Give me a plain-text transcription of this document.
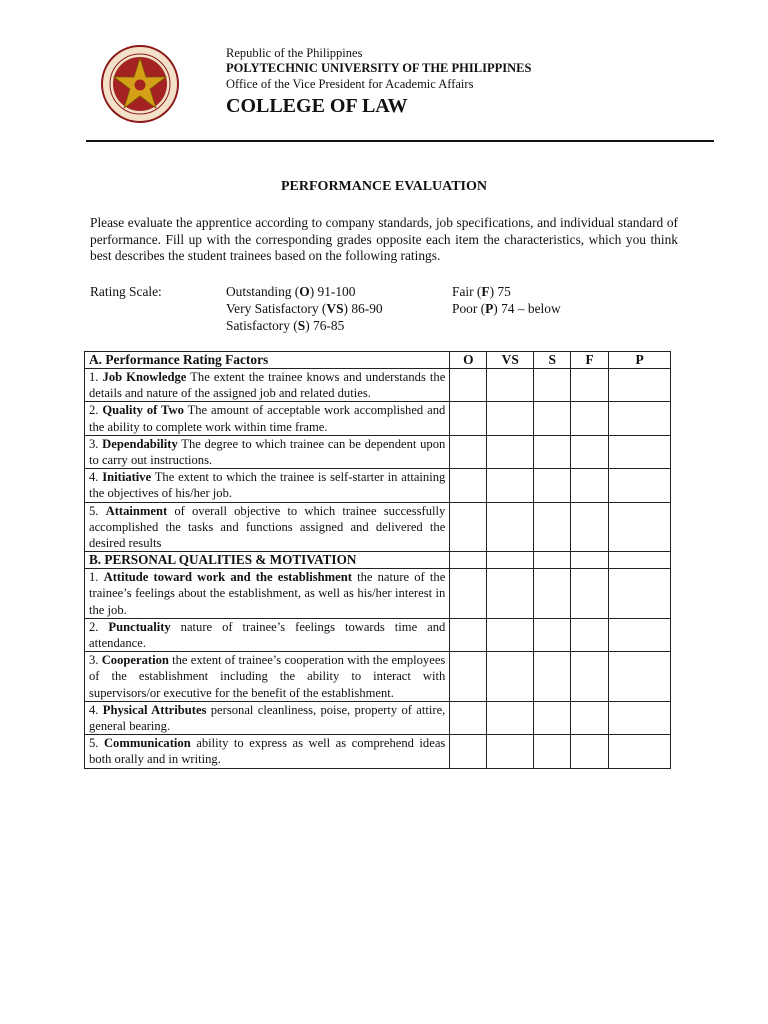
Republic of the Philippines
POLYTECHNIC UNIVERSITY OF THE PHILIPPINES
Office of the Vice President for Academic Affairs
COLLEGE OF LAW
PERFORMANCE EVALUATION
Please evaluate the apprentice according to company standards, job specifications, and individual standard of performance. Fill up with the corresponding grades opposite each item the characteristics, which you think best describes the student trainees based on the following ratings.
Rating Scale:	Outstanding (O) 91-100
Very Satisfactory (VS) 86-90
Satisfactory (S) 76-85
Fair (F) 75
Poor (P) 74 – below
A. Performance Rating Factors	O	VS	S	F	P
1. Job Knowledge The extent the trainee knows and understands the details and nature of the assigned job and related duties.					
2. Quality of Two The amount of acceptable work accomplished and the ability to complete work within time frame.					
3. Dependability The degree to which trainee can be dependent upon to carry out instructions.					
4. Initiative The extent to which the trainee is self-starter in attaining the objectives of his/her job.					
5. Attainment of overall objective to which trainee successfully accomplished the tasks and functions assigned and delivered the desired results					
B. PERSONAL QUALITIES & MOTIVATION					
1. Attitude toward work and the establishment the nature of the trainee’s feelings about the establishment, as well as his/her interest in the job.					
2. Punctuality nature of trainee’s feelings towards time and attendance.					
3. Cooperation the extent of trainee’s cooperation with the employees of the establishment including the ability to interact with supervisors/or executive for the benefit of the establishment.					
4. Physical Attributes personal cleanliness, poise, property of attire, general bearing.					
5. Communication ability to express as well as comprehend ideas both orally and in writing.					
